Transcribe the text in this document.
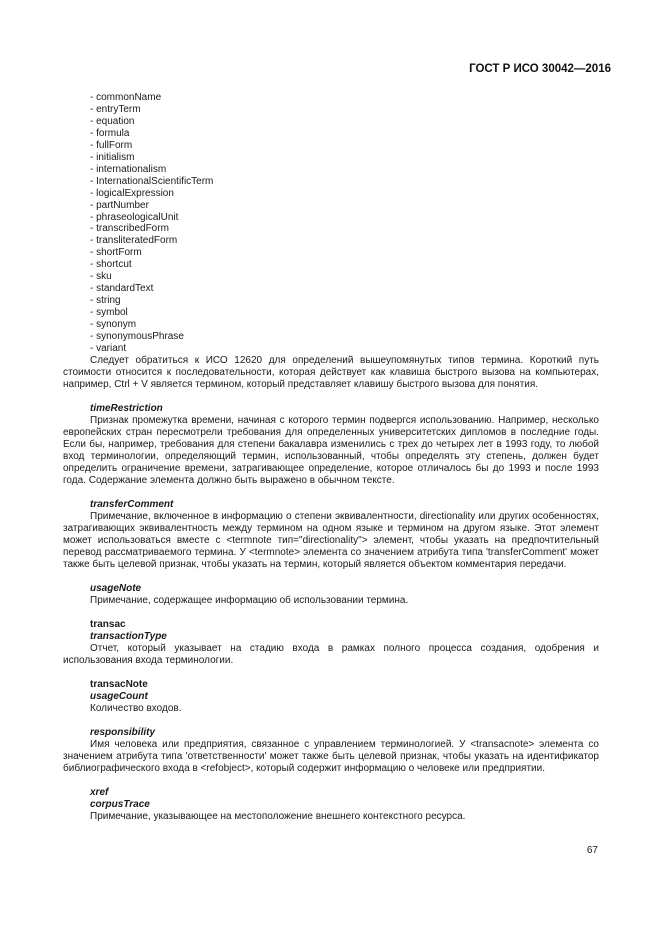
ГОСТ Р ИСО 30042—2016
- commonName
- entryTerm
- equation
- formula
- fullForm
- initialism
- internationalism
- InternationalScientificTerm
- logicalExpression
- partNumber
- phraseologicalUnit
- transcribedForm
- transliteratedForm
- shortForm
- shortcut
- sku
- standardText
- string
- symbol
- synonym
- synonymousPhrase
- variant

Следует обратиться к ИСО 12620 для определений вышеупомянутых типов термина. Короткий путь стоимости относится к последовательности, которая действует как клавиша быстрого вызова на компьютерах, например, Ctrl + V является термином, который представляет клавишу быстрого вызова для понятия.

timeRestriction

Признак промежутка времени, начиная с которого термин подвергся использованию. Например, несколько европейских стран пересмотрели требования для определенных университетских дипломов в последние годы. Если бы, например, требования для степени бакалавра изменились с трех до четырех лет в 1993 году, то любой вход терминологии, определяющий термин, использованный, чтобы определять эту степень, должен будет определить ограничение времени, затрагивающее определение, которое отличалось бы до 1993 и после 1993 года. Содержание элемента должно быть выражено в обычном тексте.

transferComment

Примечание, включенное в информацию о степени эквивалентности, directionality или других особенностях, затрагивающих эквивалентность между термином на одном языке и термином на другом языке. Этот элемент может использоваться вместе с <termnote тип="directionality"> элемент, чтобы указать на предпочтительный перевод рассматриваемого термина. У <termnote> элемента со значением атрибута типа 'transferComment' может также быть целевой признак, чтобы указать на термин, который является объектом комментария передачи.

usageNote

Примечание, содержащее информацию об использовании термина.

transac
transactionType

Отчет, который указывает на стадию входа в рамках полного процесса создания, одобрения и использования входа терминологии.

transacNote
usageCount

Количество входов.

responsibility

Имя человека или предприятия, связанное с управлением терминологией. У <transacnote> элемента со значением атрибута типа 'ответственности' может также быть целевой признак, чтобы указать на идентификатор библиографического входа в <refobject>, который содержит информацию о человеке или предприятии.

xref
corpusTrace

Примечание, указывающее на местоположение внешнего контекстного ресурса.

67
